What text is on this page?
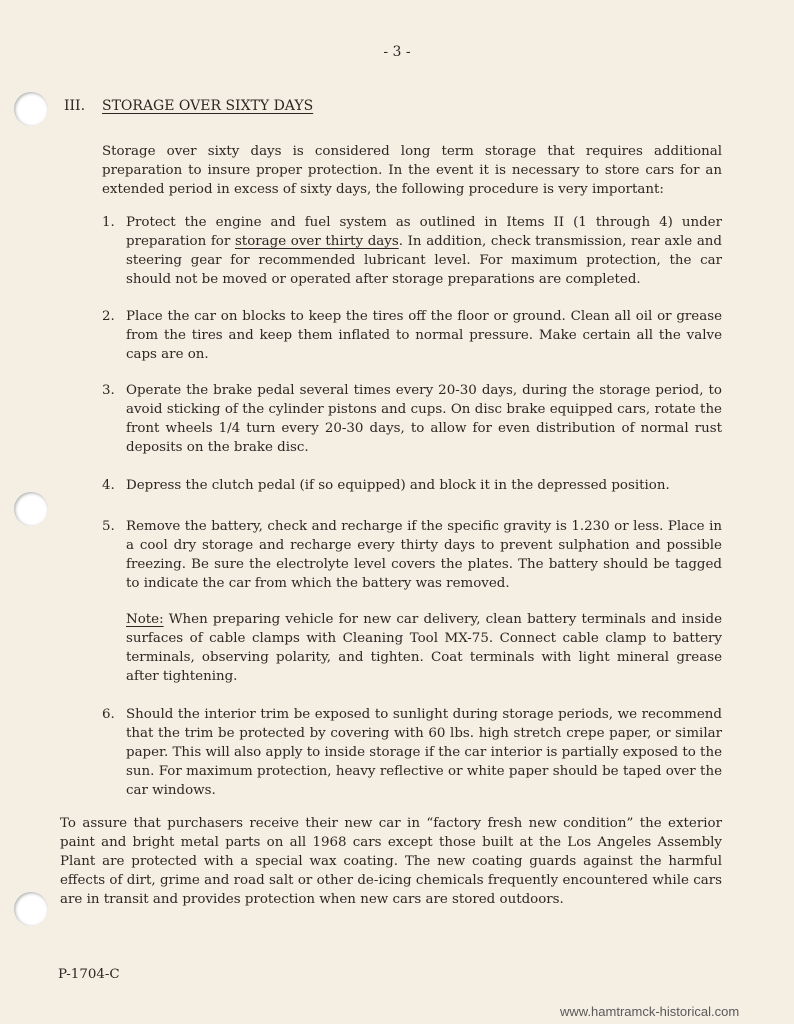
- 3 -
III. STORAGE OVER SIXTY DAYS

Storage over sixty days is considered long term storage that requires additional preparation to insure proper protection. In the event it is necessary to store cars for an extended period in excess of sixty days, the following procedure is very important:

1. Protect the engine and fuel system as outlined in Items II (1 through 4) under preparation for storage over thirty days. In addition, check transmission, rear axle and steering gear for recommended lubricant level. For maximum protection, the car should not be moved or operated after storage preparations are completed.

2. Place the car on blocks to keep the tires off the floor or ground. Clean all oil or grease from the tires and keep them inflated to normal pressure. Make certain all the valve caps are on.

3. Operate the brake pedal several times every 20-30 days, during the storage period, to avoid sticking of the cylinder pistons and cups. On disc brake equipped cars, rotate the front wheels 1/4 turn every 20-30 days, to allow for even distribution of normal rust deposits on the brake disc.

4. Depress the clutch pedal (if so equipped) and block it in the depressed position.

5. Remove the battery, check and recharge if the specific gravity is 1.230 or less. Place in a cool dry storage and recharge every thirty days to prevent sulphation and possible freezing. Be sure the electrolyte level covers the plates. The battery should be tagged to indicate the car from which the battery was removed.

Note: When preparing vehicle for new car delivery, clean battery terminals and inside surfaces of cable clamps with Cleaning Tool MX-75. Connect cable clamp to battery terminals, observing polarity, and tighten. Coat terminals with light mineral grease after tightening.

6. Should the interior trim be exposed to sunlight during storage periods, we recommend that the trim be protected by covering with 60 lbs. high stretch crepe paper, or similar paper. This will also apply to inside storage if the car interior is partially exposed to the sun. For maximum protection, heavy reflective or white paper should be taped over the car windows.

To assure that purchasers receive their new car in “factory fresh new condition” the exterior paint and bright metal parts on all 1968 cars except those built at the Los Angeles Assembly Plant are protected with a special wax coating. The new coating guards against the harmful effects of dirt, grime and road salt or other de-icing chemicals frequently encountered while cars are in transit and provides protection when new cars are stored outdoors.

P-1704-C
www.hamtramck-historical.com
